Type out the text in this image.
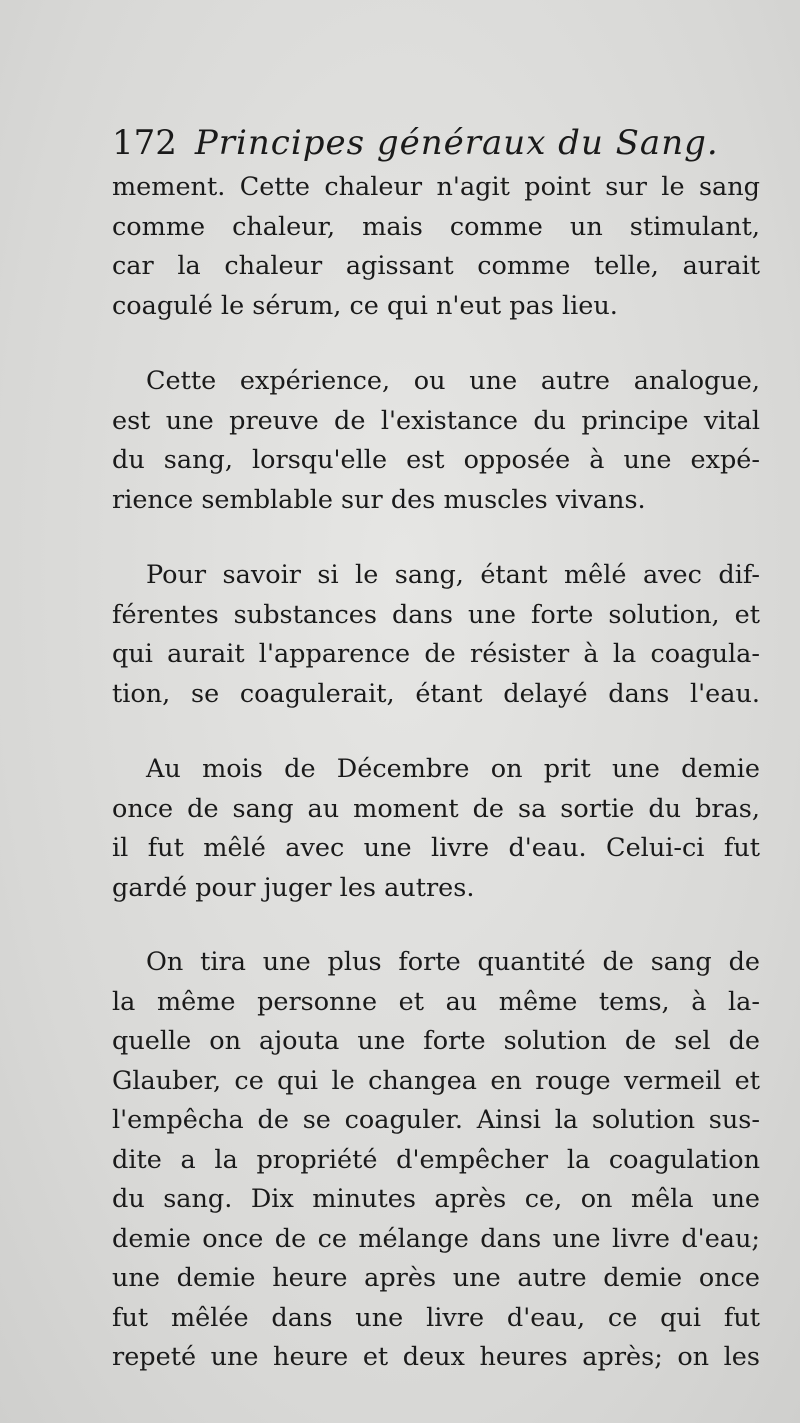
172 Principes généraux du Sang.
mement. Cette chaleur n'agit point sur le sang
comme chaleur, mais comme un stimulant,
car la chaleur agissant comme telle, aurait
coagulé le sérum, ce qui n'eut pas lieu.
Cette expérience, ou une autre analogue,
est une preuve de l'existance du principe vital
du sang, lorsqu'elle est opposée à une expé-
rience semblable sur des muscles vivans.
Pour savoir si le sang, étant mêlé avec dif-
férentes substances dans une forte solution, et
qui aurait l'apparence de résister à la coagula-
tion, se coagulerait, étant delayé dans l'eau.
Au mois de Décembre on prit une demie
once de sang au moment de sa sortie du bras,
il fut mêlé avec une livre d'eau. Celui-ci fut
gardé pour juger les autres.
On tira une plus forte quantité de sang de
la même personne et au même tems, à la-
quelle on ajouta une forte solution de sel de
Glauber, ce qui le changea en rouge vermeil et
l'empêcha de se coaguler. Ainsi la solution sus-
dite a la propriété d'empêcher la coagulation
du sang. Dix minutes après ce, on mêla une
demie once de ce mélange dans une livre d'eau;
une demie heure après une autre demie once
fut mêlée dans une livre d'eau, ce qui fut
repeté une heure et deux heures après; on les
